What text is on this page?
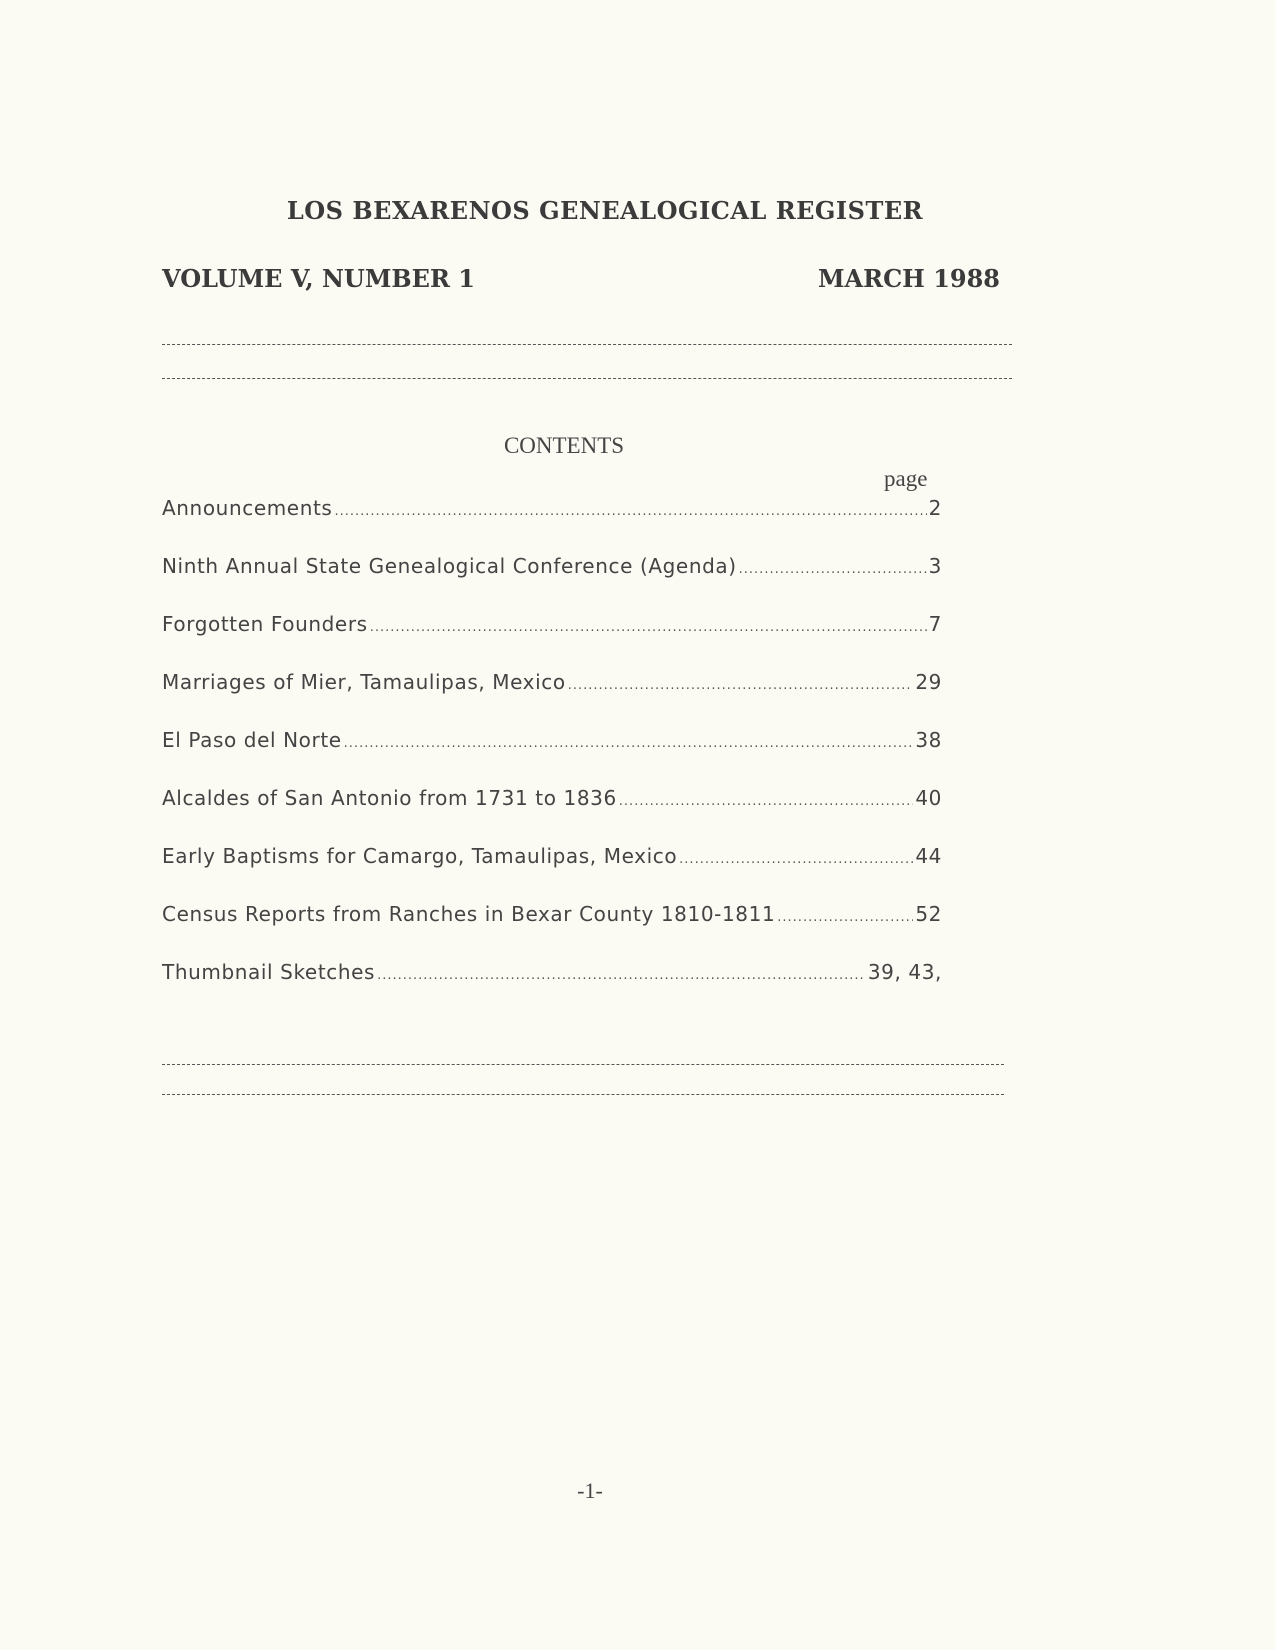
LOS BEXARENOS GENEALOGICAL REGISTER
VOLUME V, NUMBER 1	MARCH 1988
CONTENTS
page
Announcements .....	2
Ninth Annual State Genealogical Conference (Agenda) .....	3
Forgotten Founders .....	7
Marriages of Mier, Tamaulipas, Mexico .....	29
El Paso del Norte .....	38
Alcaldes of San Antonio from 1731 to 1836 .....	40
Early Baptisms for Camargo, Tamaulipas, Mexico .....	44
Census Reports from Ranches in Bexar County 1810-1811 .....	52
Thumbnail Sketches .....	39, 43,
-1-
